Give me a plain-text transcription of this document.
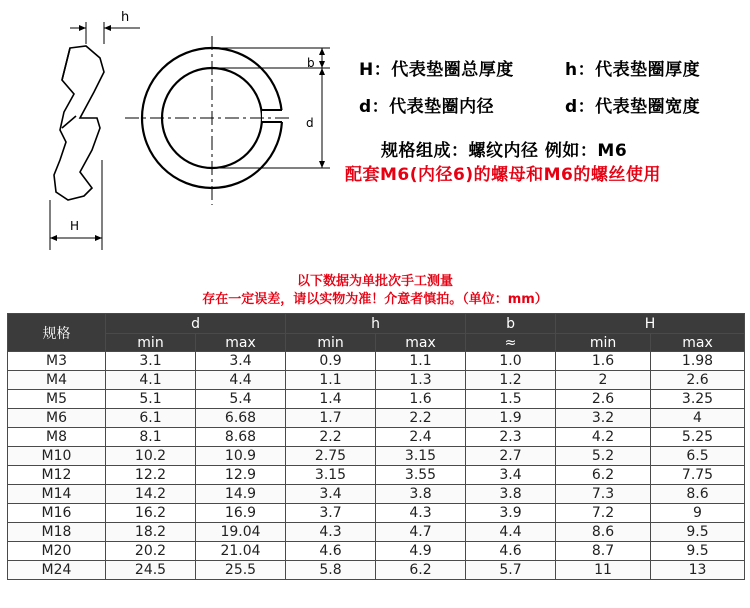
h
b
d
H
H：代表垫圈总厚度	h：代表垫圈厚度
d：代表垫圈内径	d：代表垫圈宽度
规格组成：螺纹内径 例如：M6
配套M6(内径6)的螺母和M6的螺丝使用
以下数据为单批次手工测量
存在一定误差，请以实物为准！介意者慎拍。（单位：mm）
规格	d		h		b	H	
	min	max	min	max	≈	min	max
M3	3.1	3.4	0.9	1.1	1.0	1.6	1.98
M4	4.1	4.4	1.1	1.3	1.2	2	2.6
M5	5.1	5.4	1.4	1.6	1.5	2.6	3.25
M6	6.1	6.68	1.7	2.2	1.9	3.2	4
M8	8.1	8.68	2.2	2.4	2.3	4.2	5.25
M10	10.2	10.9	2.75	3.15	2.7	5.2	6.5
M12	12.2	12.9	3.15	3.55	3.4	6.2	7.75
M14	14.2	14.9	3.4	3.8	3.8	7.3	8.6
M16	16.2	16.9	3.7	4.3	3.9	7.2	9
M18	18.2	19.04	4.3	4.7	4.4	8.6	9.5
M20	20.2	21.04	4.6	4.9	4.6	8.7	9.5
M24	24.5	25.5	5.8	6.2	5.7	11	13
